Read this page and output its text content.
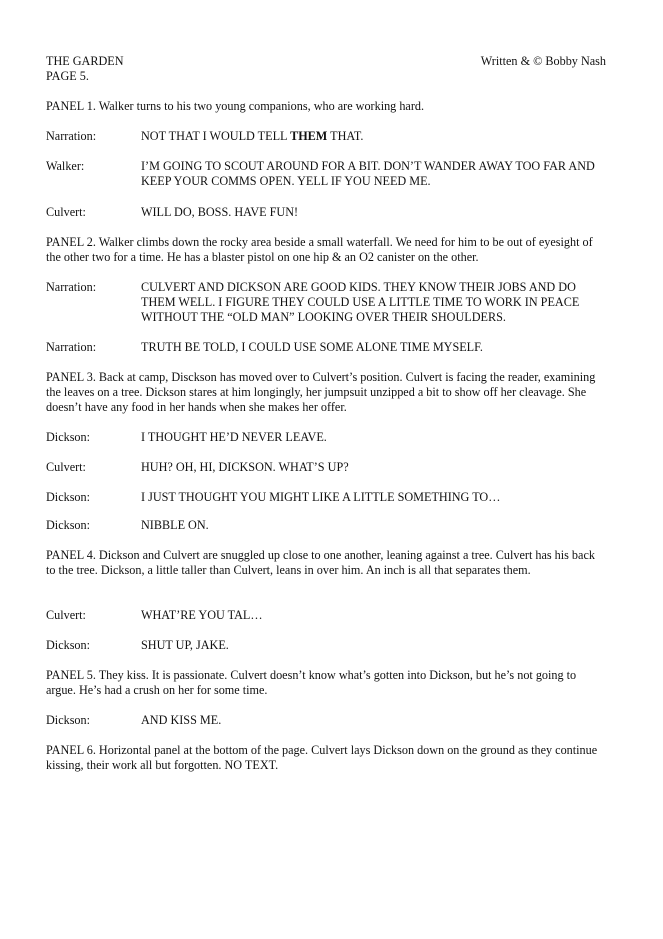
THE GARDEN
PAGE 5.
Written & © Bobby Nash

PANEL 1. Walker turns to his two young companions, who are working hard.

Narration:	NOT THAT I WOULD TELL THEM THAT.
Walker:	I’M GOING TO SCOUT AROUND FOR A BIT. DON’T WANDER AWAY TOO FAR AND KEEP YOUR COMMS OPEN. YELL IF YOU NEED ME.
Culvert:	WILL DO, BOSS. HAVE FUN!

PANEL 2. Walker climbs down the rocky area beside a small waterfall. We need for him to be out of eyesight of the other two for a time. He has a blaster pistol on one hip & an O2 canister on the other.

Narration:	CULVERT AND DICKSON ARE GOOD KIDS. THEY KNOW THEIR JOBS AND DO THEM WELL. I FIGURE THEY COULD USE A LITTLE TIME TO WORK IN PEACE WITHOUT THE “OLD MAN” LOOKING OVER THEIR SHOULDERS.
Narration:	TRUTH BE TOLD, I COULD USE SOME ALONE TIME MYSELF.

PANEL 3. Back at camp, Disckson has moved over to Culvert’s position. Culvert is facing the reader, examining the leaves on a tree. Dickson stares at him longingly, her jumpsuit unzipped a bit to show off her cleavage. She doesn’t have any food in her hands when she makes her offer.

Dickson:	I THOUGHT HE’D NEVER LEAVE.
Culvert:	HUH? OH, HI, DICKSON. WHAT’S UP?
Dickson:	I JUST THOUGHT YOU MIGHT LIKE A LITTLE SOMETHING TO…
Dickson:	NIBBLE ON.

PANEL 4. Dickson and Culvert are snuggled up close to one another, leaning against a tree. Culvert has his back to the tree. Dickson, a little taller than Culvert, leans in over him. An inch is all that separates them.

Culvert:	WHAT’RE YOU TAL…
Dickson:	SHUT UP, JAKE.

PANEL 5. They kiss. It is passionate. Culvert doesn’t know what’s gotten into Dickson, but he’s not going to argue. He’s had a crush on her for some time.

Dickson:	AND KISS ME.

PANEL 6. Horizontal panel at the bottom of the page. Culvert lays Dickson down on the ground as they continue kissing, their work all but forgotten. NO TEXT.
